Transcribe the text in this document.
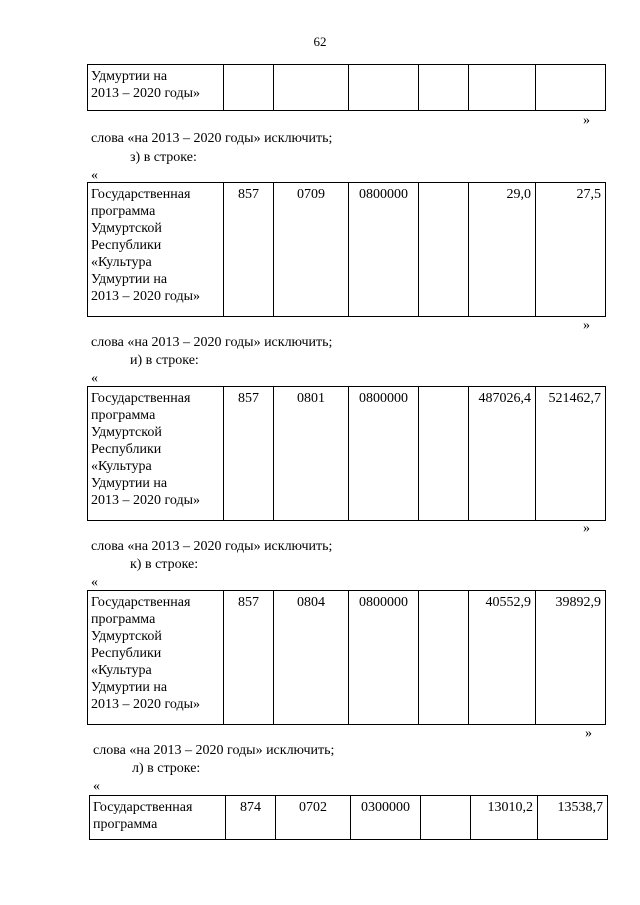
62
Удмуртии на
2013 – 2020 годы»

»
слова «на 2013 – 2020 годы» исключить;
з) в строке:
«
Государственная
программа
Удмуртской
Республики
«Культура
Удмуртии на
2013 – 2020 годы»
	857	0709	0800000		29,0	27,5
»
слова «на 2013 – 2020 годы» исключить;
и) в строке:
«
Государственная
программа
Удмуртской
Республики
«Культура
Удмуртии на
2013 – 2020 годы»
	857	0801	0800000		487026,4	521462,7
»
слова «на 2013 – 2020 годы» исключить;
к) в строке:
«
Государственная
программа
Удмуртской
Республики
«Культура
Удмуртии на
2013 – 2020 годы»
	857	0804	0800000		40552,9	39892,9
»
слова «на 2013 – 2020 годы» исключить;
л) в строке:
«
Государственная
программа
	874	0702	0300000		13010,2	13538,7
